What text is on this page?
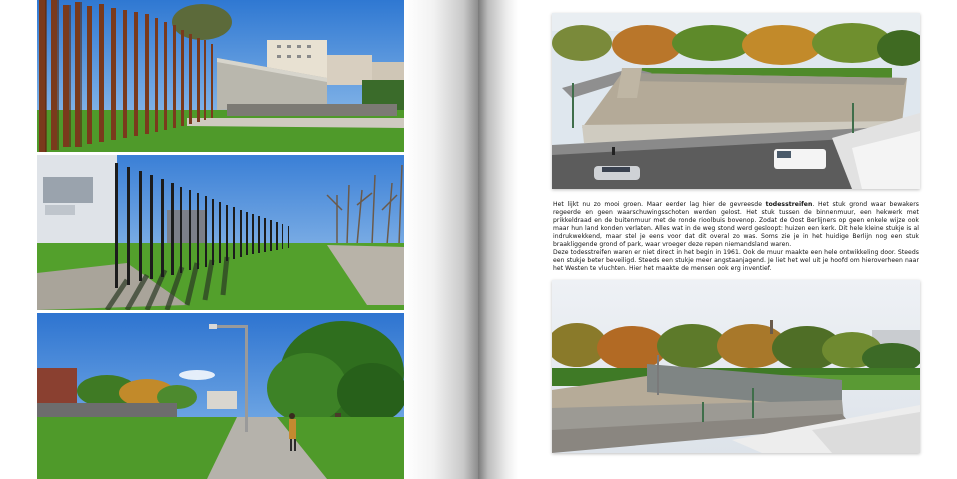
Het lijkt nu zo mooi groen. Maar eerder lag hier de gevreesde todesstreifen. Het stuk grond waar bewakers regeerde en geen waarschuwingsschoten werden gelost. Het stuk tussen de binnenmuur, een hekwerk met prikkeldraad en de buitenmuur met de ronde rioolbuis bovenop. Zodat de Oost Berlijners op geen enkele wijze ook maar hun land konden verlaten. Alles wat in de weg stond werd gesloopt: huizen een kerk. Dit hele kleine stukje is al indrukwekkend, maar stel je eens voor dat dit overal zo was. Soms zie je in het huidige Berlijn nog een stuk braakliggende grond of park, waar vroeger deze repen niemandsland waren.

Deze todesstreifen waren er niet direct in het begin in 1961. Ook de muur maakte een hele ontwikkeling door. Steeds een stukje beter beveiligd. Steeds een stukje meer angstaanjagend. Je liet het wel uit je hoofd om hieroverheen naar het Westen te vluchten. Hier het maakte de mensen ook erg inventief.
